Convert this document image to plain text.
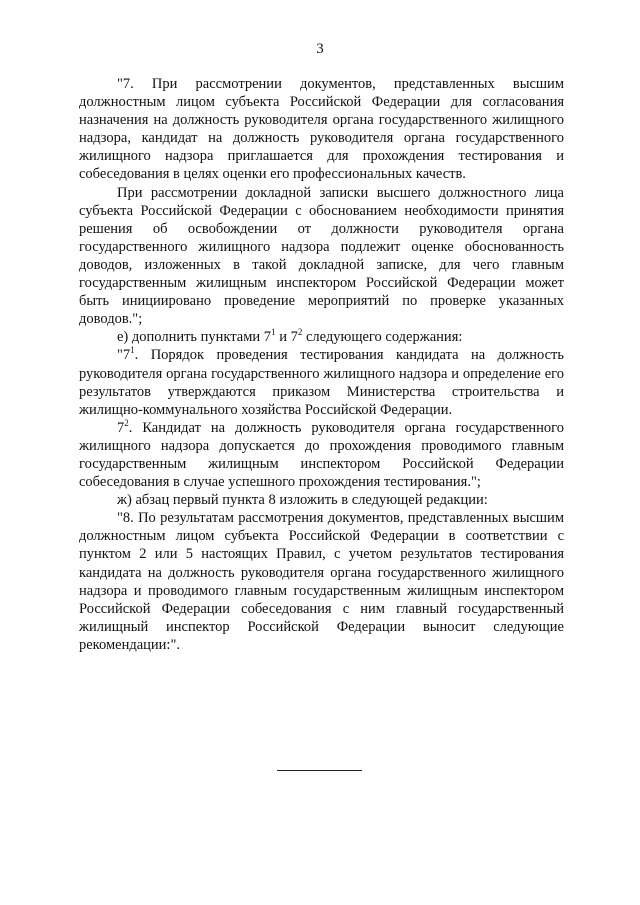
3

"7. При рассмотрении документов, представленных высшим должностным лицом субъекта Российской Федерации для согласования назначения на должность руководителя органа государственного жилищного надзора, кандидат на должность руководителя органа государственного жилищного надзора приглашается для прохождения тестирования и собеседования в целях оценки его профессиональных качеств.

При рассмотрении докладной записки высшего должностного лица субъекта Российской Федерации с обоснованием необходимости принятия решения об освобождении от должности руководителя органа государственного жилищного надзора подлежит оценке обоснованность доводов, изложенных в такой докладной записке, для чего главным государственным жилищным инспектором Российской Федерации может быть инициировано проведение мероприятий по проверке указанных доводов.";

е) дополнить пунктами $7^1$ и $7^2$ следующего содержания:

"$7^1$. Порядок проведения тестирования кандидата на должность руководителя органа государственного жилищного надзора и определение его результатов утверждаются приказом Министерства строительства и жилищно-коммунального хозяйства Российской Федерации.

$7^2$. Кандидат на должность руководителя органа государственного жилищного надзора допускается до прохождения проводимого главным государственным жилищным инспектором Российской Федерации собеседования в случае успешного прохождения тестирования.";

ж) абзац первый пункта 8 изложить в следующей редакции:

"8. По результатам рассмотрения документов, представленных высшим должностным лицом субъекта Российской Федерации в соответствии с пунктом 2 или 5 настоящих Правил, с учетом результатов тестирования кандидата на должность руководителя органа государственного жилищного надзора и проводимого главным государственным жилищным инспектором Российской Федерации собеседования с ним главный государственный жилищный инспектор Российской Федерации выносит следующие рекомендации:".
